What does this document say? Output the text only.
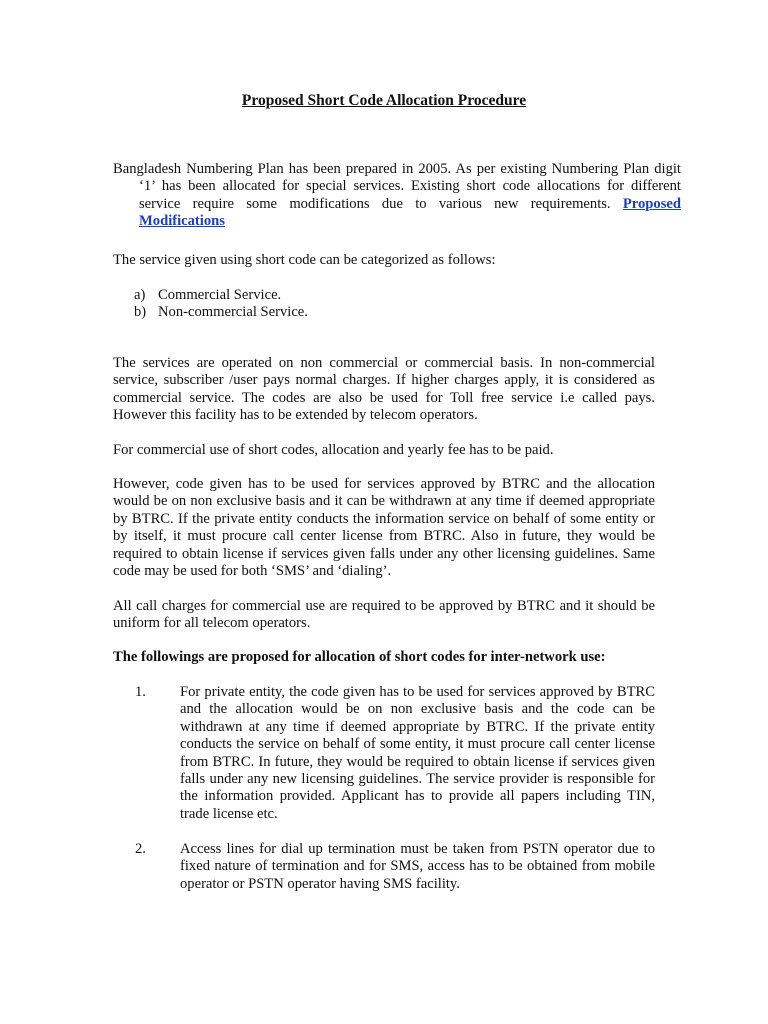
Proposed Short Code Allocation Procedure

Bangladesh Numbering Plan has been prepared in 2005. As per existing Numbering Plan digit ‘1’ has been allocated for special services. Existing short code allocations for different service require some modifications due to various new requirements. Proposed Modifications

The service given using short code can be categorized as follows:

a) Commercial Service.
b) Non-commercial Service.

The services are operated on non commercial or commercial basis. In non-commercial service, subscriber /user pays normal charges. If higher charges apply, it is considered as commercial service. The codes are also be used for Toll free service i.e called pays. However this facility has to be extended by telecom operators.

For commercial use of short codes, allocation and yearly fee has to be paid.

However, code given has to be used for services approved by BTRC and the allocation would be on non exclusive basis and it can be withdrawn at any time if deemed appropriate by BTRC. If the private entity conducts the information service on behalf of some entity or by itself, it must procure call center license from BTRC. Also in future, they would be required to obtain license if services given falls under any other licensing guidelines. Same code may be used for both ‘SMS’ and ‘dialing’.

All call charges for commercial use are required to be approved by BTRC and it should be uniform for all telecom operators.

The followings are proposed for allocation of short codes for inter-network use:

1.	For private entity, the code given has to be used for services approved by BTRC and the allocation would be on non exclusive basis and the code can be withdrawn at any time if deemed appropriate by BTRC. If the private entity conducts the service on behalf of some entity, it must procure call center license from BTRC. In future, they would be required to obtain license if services given falls under any new licensing guidelines. The service provider is responsible for the information provided. Applicant has to provide all papers including TIN, trade license etc.
2.	Access lines for dial up termination must be taken from PSTN operator due to fixed nature of termination and for SMS, access has to be obtained from mobile operator or PSTN operator having SMS facility.
